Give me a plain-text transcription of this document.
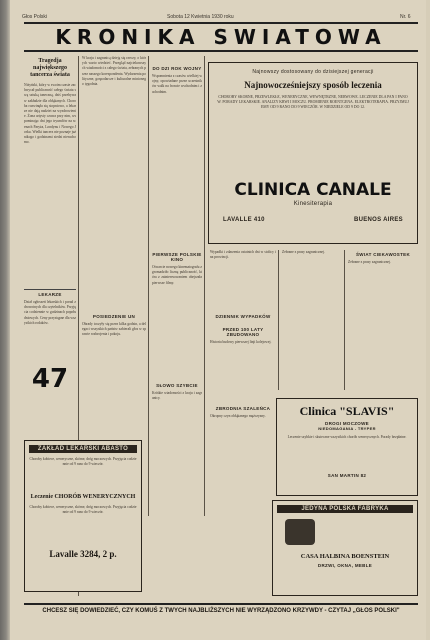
Głos Polski	Sobota 12 Kwietnia 1930 roku	Nr. 6
KRONIKA SWIATOWA
Tragedja największego tancerza świata
Niżyński, który w swoim czasie zachwycał publiczność całego świata swą sztuką taneczną, dziś przebywa w zakładzie dla obłąkanych. Choroba rozwinęła się stopniowo, a lekarze nie dają nadziei na wyzdrowienie. Żona artysty czuwa przy nim, wspominając dni jego tryumfów na scenach Paryża, Londynu i Nowego Jorku. Wielki tancerz nie poznaje już nikogo i godzinami siedzi nieruchomo.
LEKARZE
Dział ogłoszeń lekarskich i porad zdrowotnych dla czytelników. Przyjęcia codziennie w godzinach popołudniowych. Ceny przystępne dla wszystkich rodaków.
47
W kraju i zagranicą dzieją się rzeczy, o których warto wiedzieć. Przegląd najciekawszych wiadomości z całego świata, zebranych przez naszego korespondenta. Wydarzenia polityczne, gospodarcze i kulturalne minionego tygodnia.
POSIEDZENIE UN
Obrady toczyły się przez kilka godzin, a delegaci wszystkich państw zabierali głos w sprawie rozbrojenia i pokoju.
DO DZI ROK WOJNY
Wspomnienia z czasów wielkiej wojny, opowiadane przez uczestników walk na froncie wschodnim i zachodnim.
PIERWSZE POLSKIE KINO
Otwarcie nowego kinematografu zgromadziło liczną publiczność, która z zainteresowaniem obejrzała pierwsze filmy.
SŁOWO SZYBCIE
Krótkie wiadomości z kraju i zagranicy.
Najnowszy dostosowany do dzisiejszej generacji
Najnowocześniejszy sposób leczenia
CHOROBY SKÓRNE, PRZEWLEKŁE, WENERYCZNE, WEWNĘTRZNE, NERWOWE. LECZENIE DLA PAŃ I PANÓW. PORADY LEKARSKIE. ANALIZY KRWI I MOCZU. PROMIENIE ROENTGENA. ELEKTROTERAPIA. PRZYJMUJEMY OD 9 RANO DO 9 WIECZÓR. W NIEDZIELE OD 9 DO 12.
CLINICA CANALE
Kinesiterapia
LAVALLE 410	BUENOS AIRES
Wypadki i zdarzenia ostatnich dni w stolicy i na prowincji.
DZIENNIK WYPADKÓW
PRZED 100 LATY ZBUDOWANO
Historia budowy pierwszej linji kolejowej.
ZBRODNIA SZALEŃCA
Okropny czyn obłąkanego mężczyzny.
Zebrane z prasy zagranicznej.	ŚWIAT CIEKAWOSTEK
Zebrane z prasy zagranicznej.
Clinica "SLAVIS"
DROGI MOCZOWE
NIEDOMAGANIA - TRYPER
Leczenie szybkie i skuteczne wszystkich chorób wenerycznych. Porady bezpłatne.
SAN MARTIN 82
ZAKŁAD LEKARSKI ABASTO
Choroby kobiece, weneryczne, skórne, dróg moczowych. Przyjęcia codziennie od 9 rano do 9 wieczór.
Leczenie CHORÓB WENERYCZNYCH
Choroby kobiece, weneryczne, skórne, dróg moczowych. Przyjęcia codziennie od 9 rano do 9 wieczór.
Lavalle 3284, 2 p.
JEDYNA POLSKA FABRYKA
CASA HALBINA BOENSTEIN
DRZWI, OKNA, MEBLE
CHCESZ SIĘ DOWIEDZIEĆ, CZY KOMUŚ Z TWYCH NAJBLIŻSZYCH NIE WYRZĄDZONO KRZYWDY - CZYTAJ „GŁOS POLSKI"
